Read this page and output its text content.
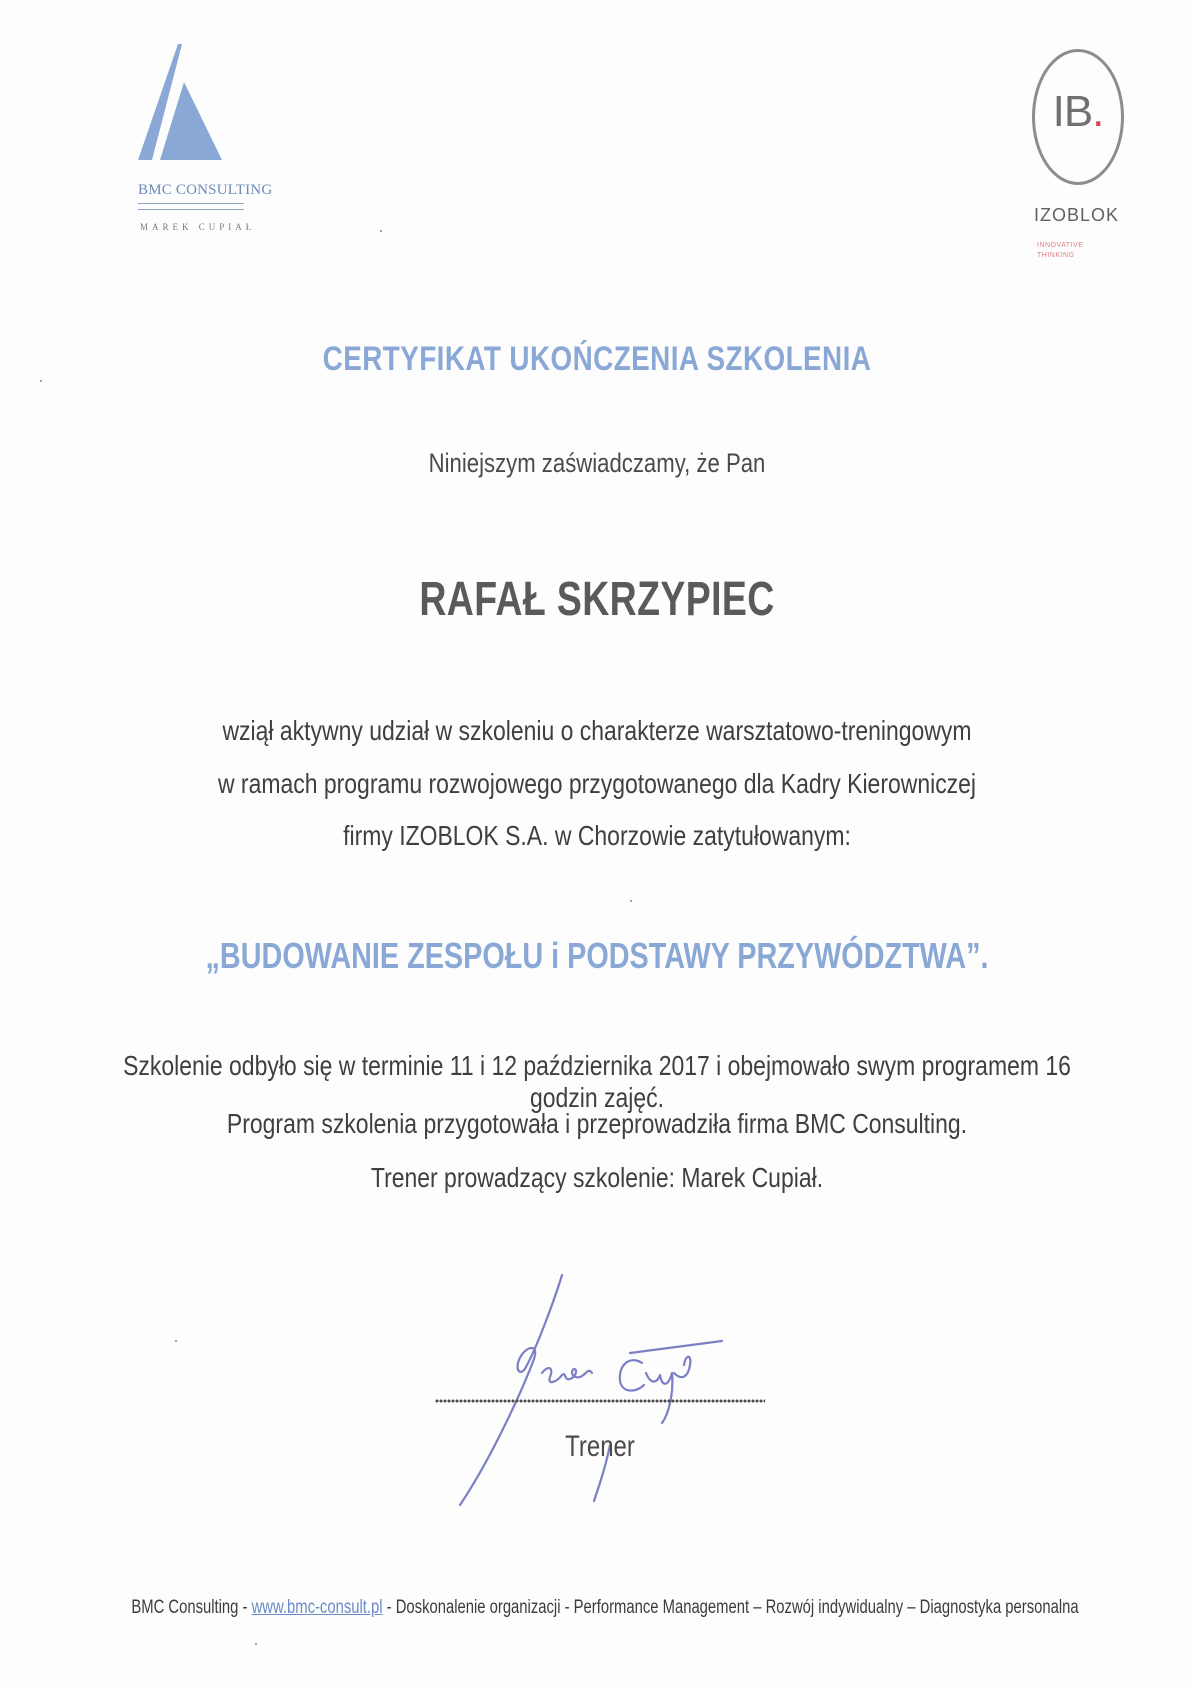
BMC CONSULTING
MAREK CUPIAŁ
IB.
IZOBLOK
INNOVATIVE
THINKING
CERTYFIKAT UKOŃCZENIA SZKOLENIA
Niniejszym zaświadczamy, że Pan
RAFAŁ SKRZYPIEC
wziął aktywny udział w szkoleniu o charakterze warsztatowo-treningowym
w ramach programu rozwojowego przygotowanego dla Kadry Kierowniczej
firmy IZOBLOK S.A. w Chorzowie zatytułowanym:
„BUDOWANIE ZESPOŁU i PODSTAWY PRZYWÓDZTWA”.
Szkolenie odbyło się w terminie 11 i 12 października 2017 i obejmowało swym programem 16 godzin zajęć.
Program szkolenia przygotowała i przeprowadziła firma BMC Consulting.
Trener prowadzący szkolenie: Marek Cupiał.
Trener
BMC Consulting - www.bmc-consult.pl - Doskonalenie organizacji - Performance Management – Rozwój indywidualny – Diagnostyka personalna
